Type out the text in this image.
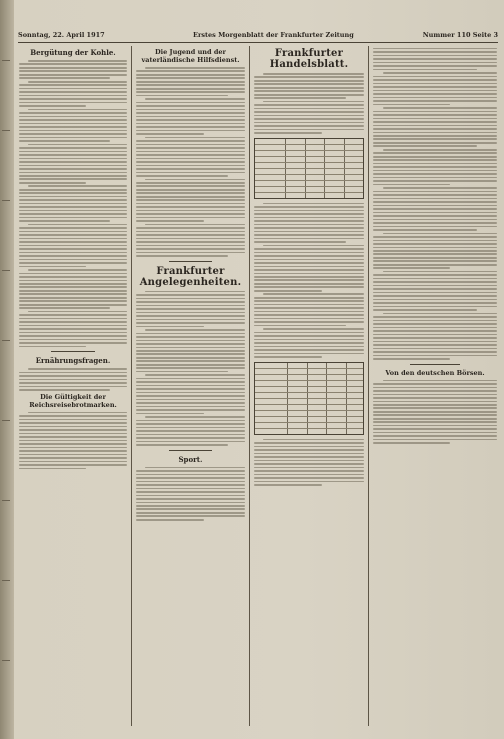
Sonntag, 22. April 1917	Erstes Morgenblatt der Frankfurter Zeitung	Nummer 110 Seite 3
Bergütung der Kohle.
Ernährungsfragen.
Die Gültigkeit der Reichsreisebrotmarken.
Die Jugend und der vaterländische Hilfsdienst.
Frankfurter Angelegenheiten.
Sport.
Frankfurter Handelsblatt.
Von den deutschen Börsen.
